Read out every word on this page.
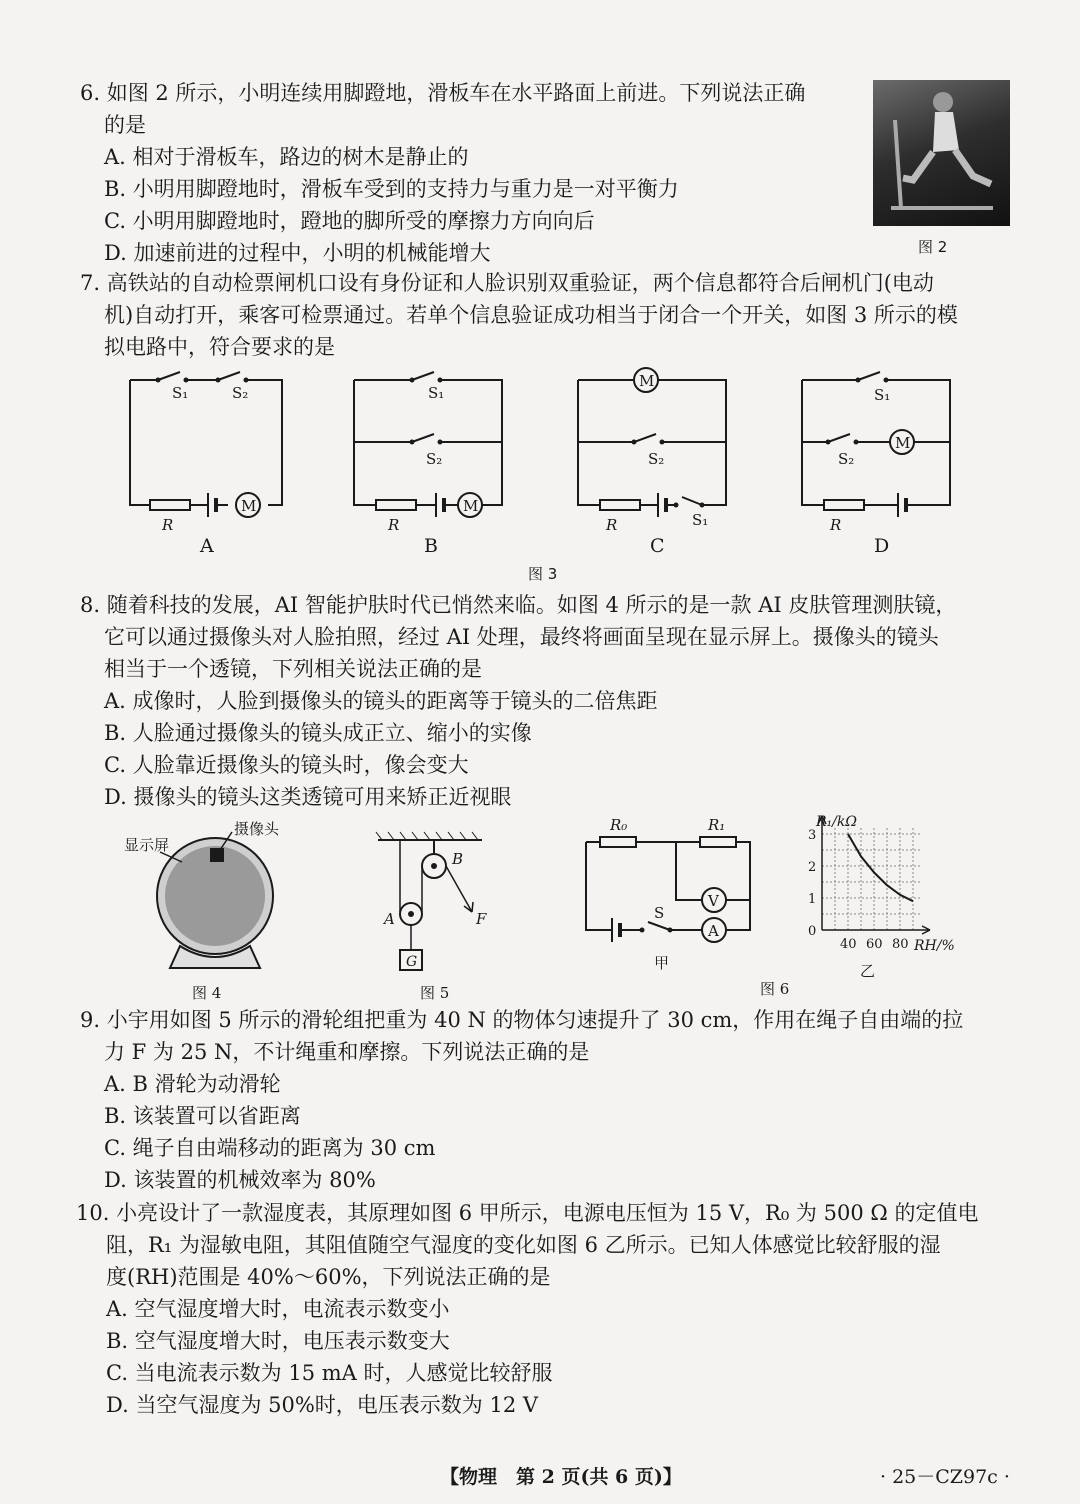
6. 如图 2 所示，小明连续用脚蹬地，滑板车在水平路面上前进。下列说法正确
的是
A. 相对于滑板车，路边的树木是静止的
B. 小明用脚蹬地时，滑板车受到的支持力与重力是一对平衡力
C. 小明用脚蹬地时，蹬地的脚所受的摩擦力方向向后
D. 加速前进的过程中，小明的机械能增大	图 2
7. 高铁站的自动检票闸机口设有身份证和人脸识别双重验证，两个信息都符合后闸机门(电动
机)自动打开，乘客可检票通过。若单个信息验证成功相当于闭合一个开关，如图 3 所示的模
拟电路中，符合要求的是
M
S₁	S₂
R
A
M
S₁
S₂
R
B
M
S₂
S₁
R
C
M
S₁
S₂
R
D
图 3
8. 随着科技的发展，AI 智能护肤时代已悄然来临。如图 4 所示的是一款 AI 皮肤管理测肤镜，
它可以通过摄像头对人脸拍照，经过 AI 处理，最终将画面呈现在显示屏上。摄像头的镜头
相当于一个透镜，下列相关说法正确的是
A. 成像时，人脸到摄像头的镜头的距离等于镜头的二倍焦距
B. 人脸通过摄像头的镜头成正立、缩小的实像
C. 人脸靠近摄像头的镜头时，像会变大
D. 摄像头的镜头这类透镜可用来矫正近视眼
显示屏
摄像头
图 4
G
A
B
F
图 5
V
A
S
R₀	R₁
甲
图 6
0
1
2
3
40 60 80
R₁/kΩ
RH/%
乙
9. 小宇用如图 5 所示的滑轮组把重为 40 N 的物体匀速提升了 30 cm，作用在绳子自由端的拉
力 F 为 25 N，不计绳重和摩擦。下列说法正确的是
A. B 滑轮为动滑轮
B. 该装置可以省距离
C. 绳子自由端移动的距离为 30 cm
D. 该装置的机械效率为 80%
10. 小亮设计了一款湿度表，其原理如图 6 甲所示，电源电压恒为 15 V，R₀ 为 500 Ω 的定值电
阻，R₁ 为湿敏电阻，其阻值随空气湿度的变化如图 6 乙所示。已知人体感觉比较舒服的湿
度(RH)范围是 40%～60%，下列说法正确的是
A. 空气湿度增大时，电流表示数变小
B. 空气湿度增大时，电压表示数变大
C. 当电流表示数为 15 mA 时，人感觉比较舒服
D. 当空气湿度为 50%时，电压表示数为 12 V
【物理　第 2 页(共 6 页)】	· 25－CZ97c ·
